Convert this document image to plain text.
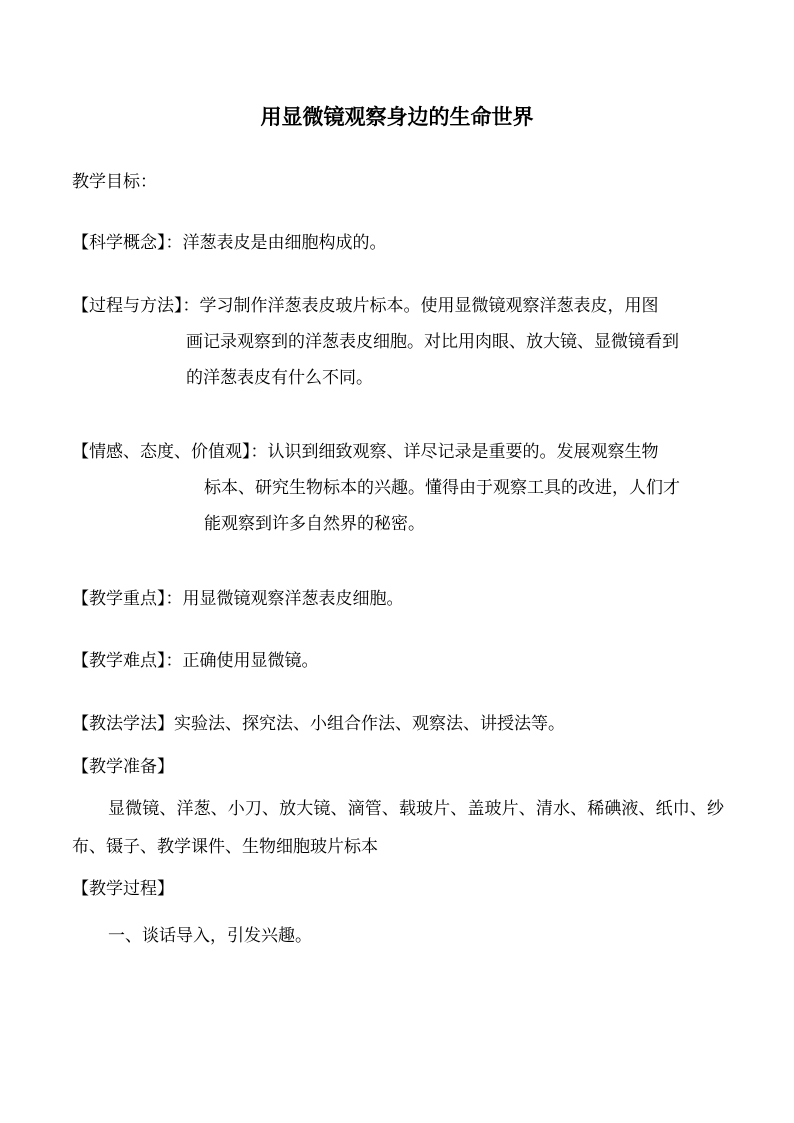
用显微镜观察身边的生命世界
教学目标：
【科学概念】：洋葱表皮是由细胞构成的。
【过程与方法】： 学习制作洋葱表皮玻片标本。使用显微镜观察洋葱表皮，用图
画记录观察到的洋葱表皮细胞。对比用肉眼、放大镜、显微镜看到
的洋葱表皮有什么不同。
【情感、态度、价值观】：认识到细致观察、详尽记录是重要的。发展观察生物
标本、研究生物标本的兴趣。懂得由于观察工具的改进，人们才
能观察到许多自然界的秘密。
【教学重点】：用显微镜观察洋葱表皮细胞。
【教学难点】：正确使用显微镜。
【教法学法】实验法、探究法、小组合作法、观察法、讲授法等。
【教学准备】
显微镜、洋葱、小刀、放大镜、滴管、载玻片、盖玻片、清水、稀碘液、纸巾、纱布、镊子、教学课件、生物细胞玻片标本
【教学过程】
一、谈话导入，引发兴趣。
